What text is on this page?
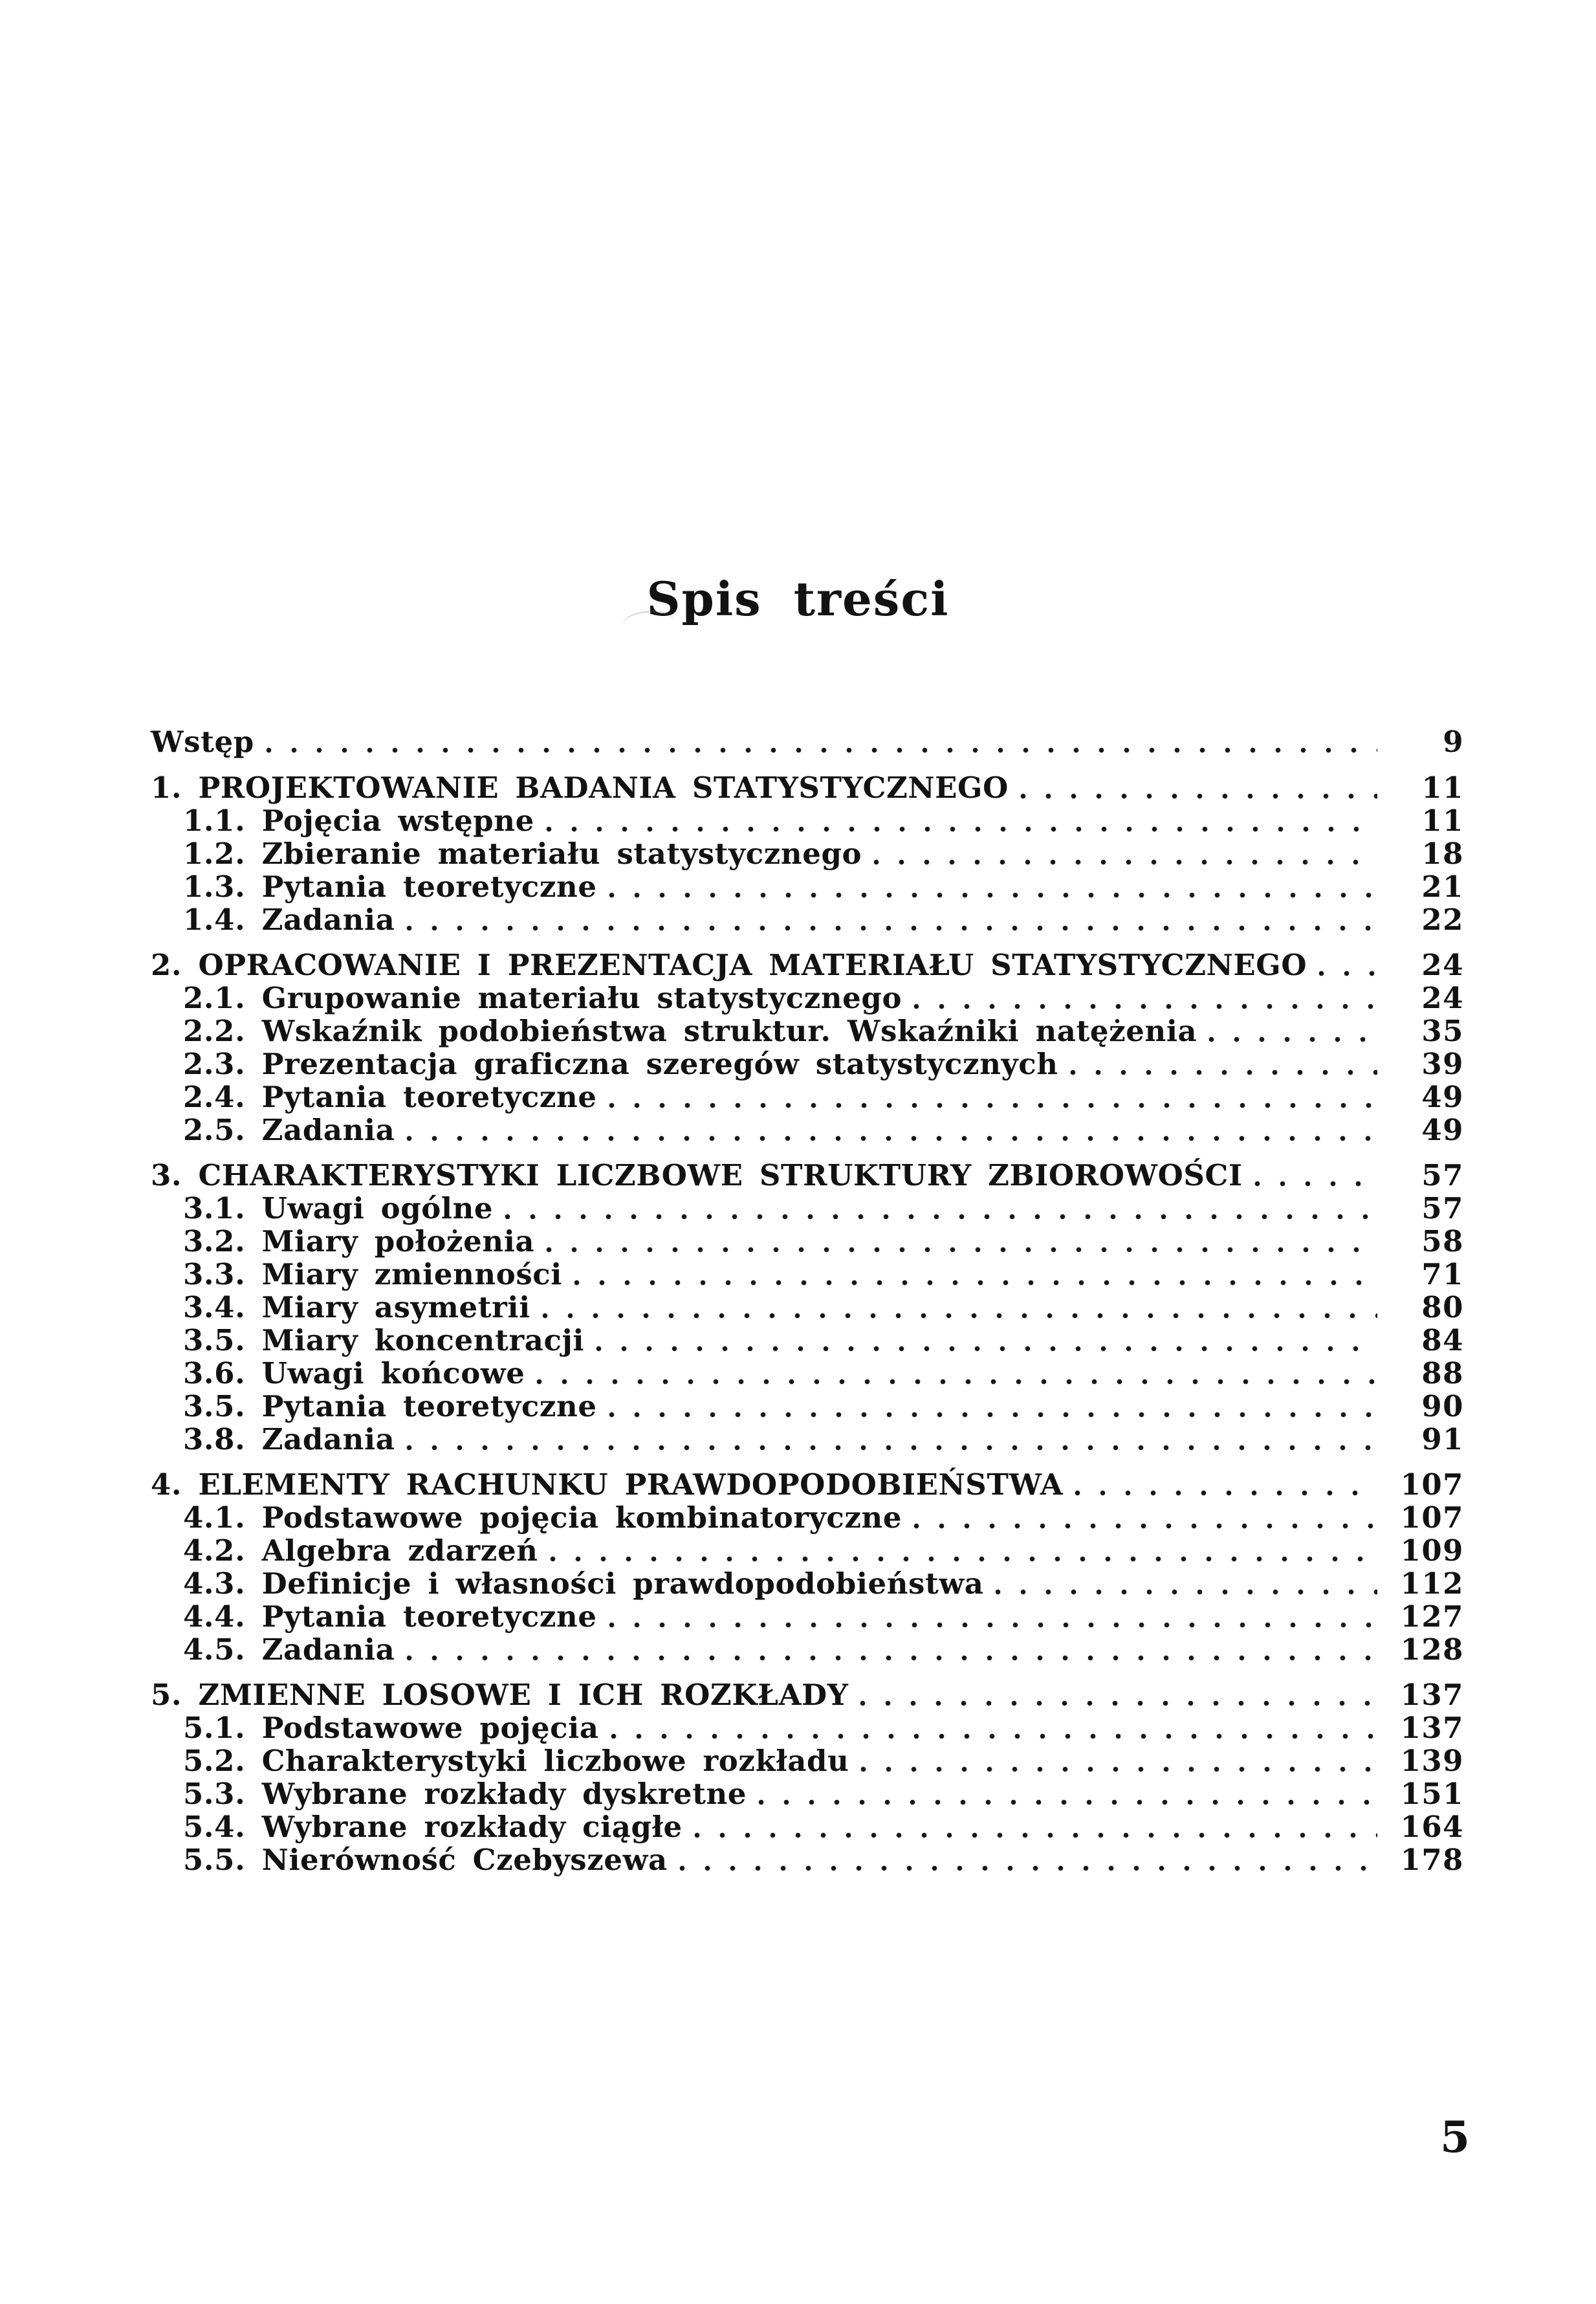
Spis treści
Wstęp	9
1. PROJEKTOWANIE BADANIA STATYSTYCZNEGO	11
1.1. Pojęcia wstępne	11
1.2. Zbieranie materiału statystycznego	18
1.3. Pytania teoretyczne	21
1.4. Zadania	22
2. OPRACOWANIE I PREZENTACJA MATERIAŁU STATYSTYCZNEGO	24
2.1. Grupowanie materiału statystycznego	24
2.2. Wskaźnik podobieństwa struktur. Wskaźniki natężenia	35
2.3. Prezentacja graficzna szeregów statystycznych	39
2.4. Pytania teoretyczne	49
2.5. Zadania	49
3. CHARAKTERYSTYKI LICZBOWE STRUKTURY ZBIOROWOŚCI	57
3.1. Uwagi ogólne	57
3.2. Miary położenia	58
3.3. Miary zmienności	71
3.4. Miary asymetrii	80
3.5. Miary koncentracji	84
3.6. Uwagi końcowe	88
3.5. Pytania teoretyczne	90
3.8. Zadania	91
4. ELEMENTY RACHUNKU PRAWDOPODOBIEŃSTWA	107
4.1. Podstawowe pojęcia kombinatoryczne	107
4.2. Algebra zdarzeń	109
4.3. Definicje i własności prawdopodobieństwa	112
4.4. Pytania teoretyczne	127
4.5. Zadania	128
5. ZMIENNE LOSOWE I ICH ROZKŁADY	137
5.1. Podstawowe pojęcia	137
5.2. Charakterystyki liczbowe rozkładu	139
5.3. Wybrane rozkłady dyskretne	151
5.4. Wybrane rozkłady ciągłe	164
5.5. Nierówność Czebyszewa	178
5
